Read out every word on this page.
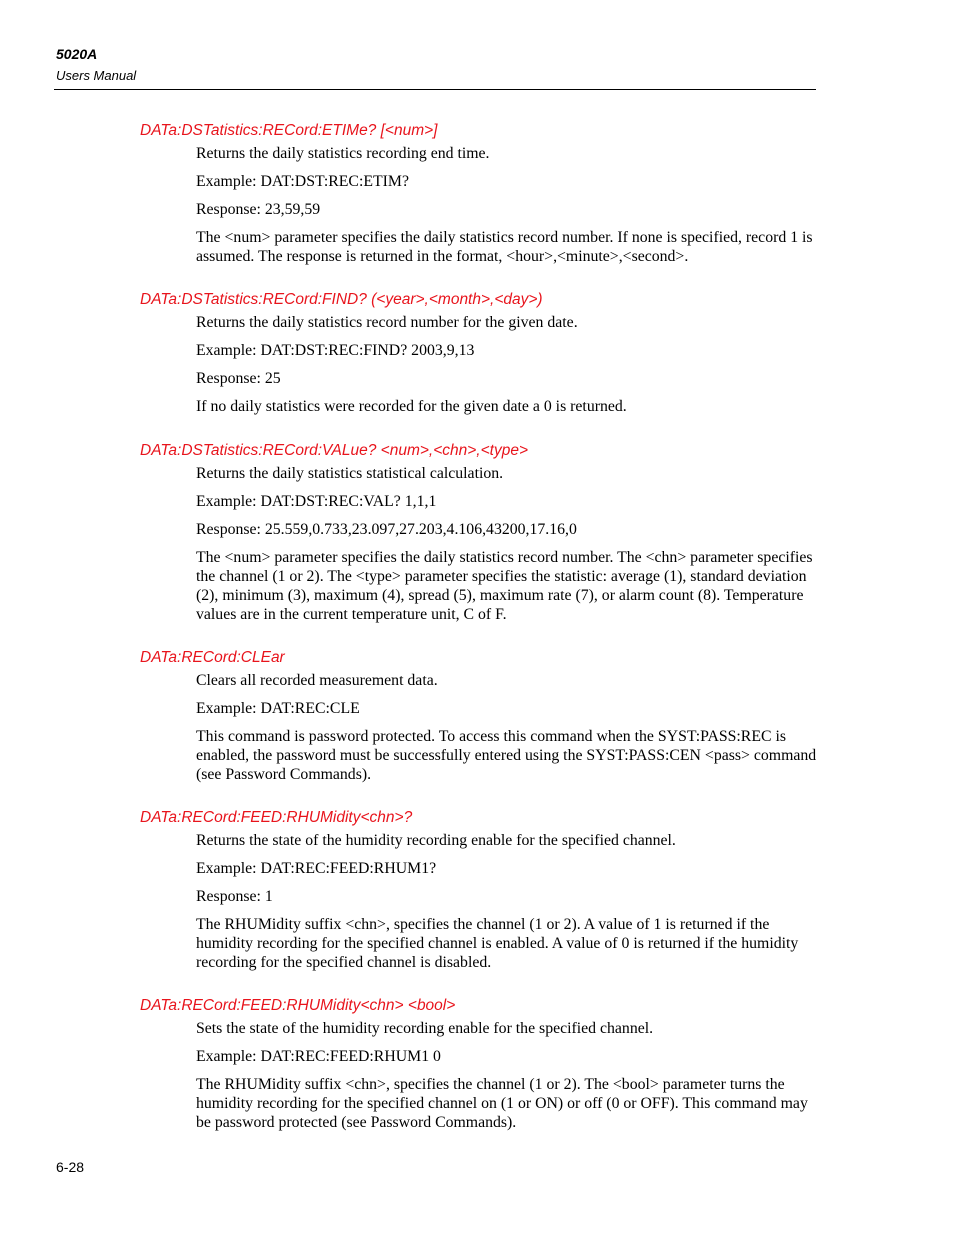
5020A
Users Manual

DATa:DSTatistics:RECord:ETIMe? [<num>]

Returns the daily statistics recording end time.

Example: DAT:DST:REC:ETIM?

Response: 23,59,59

The <num> parameter specifies the daily statistics record number. If none is specified, record 1 is assumed. The response is returned in the format, <hour>,<minute>,<second>.

DATa:DSTatistics:RECord:FIND? (<year>,<month>,<day>)

Returns the daily statistics record number for the given date.

Example: DAT:DST:REC:FIND? 2003,9,13

Response: 25

If no daily statistics were recorded for the given date a 0 is returned.

DATa:DSTatistics:RECord:VALue? <num>,<chn>,<type>

Returns the daily statistics statistical calculation.

Example: DAT:DST:REC:VAL? 1,1,1

Response: 25.559,0.733,23.097,27.203,4.106,43200,17.16,0

The <num> parameter specifies the daily statistics record number. The <chn> parameter specifies the channel (1 or 2). The <type> parameter specifies the statistic: average (1), standard deviation (2), minimum (3), maximum (4), spread (5), maximum rate (7), or alarm count (8). Temperature values are in the current temperature unit, C of F.

DATa:RECord:CLEar

Clears all recorded measurement data.

Example: DAT:REC:CLE

This command is password protected. To access this command when the SYST:PASS:REC is enabled, the password must be successfully entered using the SYST:PASS:CEN <pass> command (see Password Commands).

DATa:RECord:FEED:RHUMidity<chn>?

Returns the state of the humidity recording enable for the specified channel.

Example: DAT:REC:FEED:RHUM1?

Response: 1

The RHUMidity suffix <chn>, specifies the channel (1 or 2). A value of 1 is returned if the humidity recording for the specified channel is enabled. A value of 0 is returned if the humidity recording for the specified channel is disabled.

DATa:RECord:FEED:RHUMidity<chn> <bool>

Sets the state of the humidity recording enable for the specified channel.

Example: DAT:REC:FEED:RHUM1 0

The RHUMidity suffix <chn>, specifies the channel (1 or 2). The <bool> parameter turns the humidity recording for the specified channel on (1 or ON) or off (0 or OFF). This command may be password protected (see Password Commands).

6-28
